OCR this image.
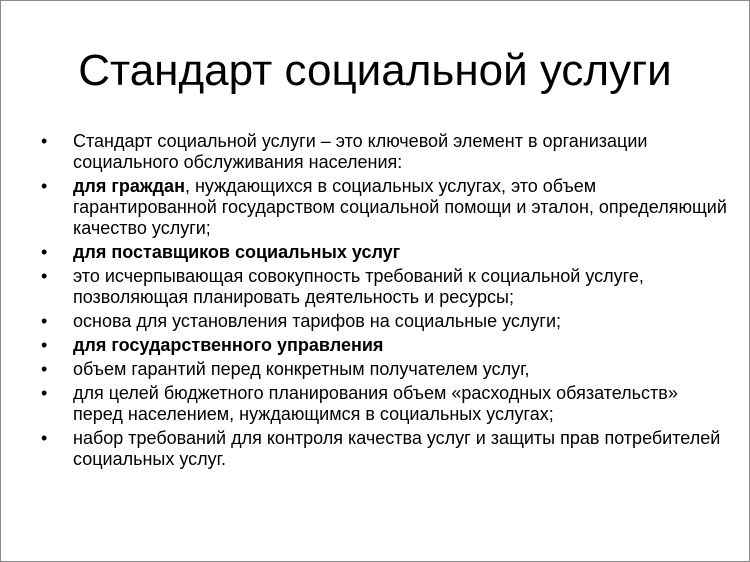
Стандарт социальной услуги
• Стандарт социальной услуги – это ключевой элемент в организации социального обслуживания населения:
• для граждан, нуждающихся в социальных услугах, это объем гарантированной государством социальной помощи и эталон, определяющий качество услуги;
• для поставщиков социальных услуг
• это исчерпывающая совокупность требований к социальной услуге, позволяющая планировать деятельность и ресурсы;
• основа для установления тарифов на социальные услуги;
• для государственного управления
• объем гарантий перед конкретным получателем услуг,
• для целей бюджетного планирования объем «расходных обязательств» перед населением, нуждающимся в социальных услугах;
• набор требований для контроля качества услуг и защиты прав потребителей социальных услуг.
